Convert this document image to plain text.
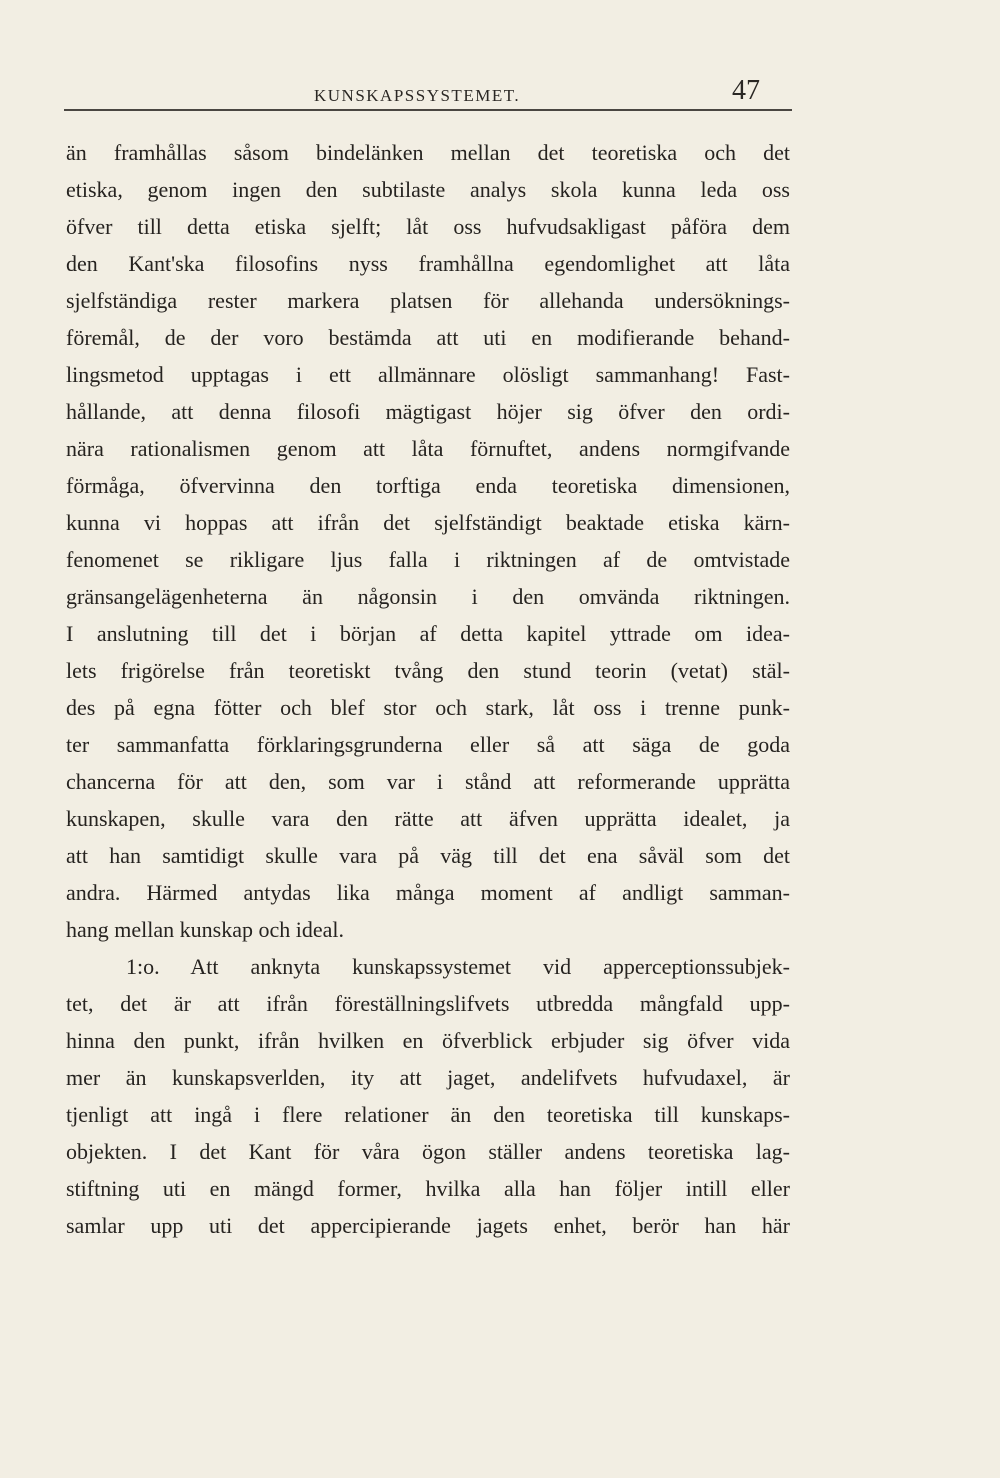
KUNSKAPSSYSTEMET.	47
än framhållas såsom bindelänken mellan det teoretiska och det
etiska, genom ingen den subtilaste analys skola kunna leda oss
öfver till detta etiska sjelft; låt oss hufvudsakligast påföra dem
den Kant'ska filosofins nyss framhållna egendomlighet att låta
sjelfständiga rester markera platsen för allehanda undersöknings-
föremål, de der voro bestämda att uti en modifierande behand-
lingsmetod upptagas i ett allmännare olösligt sammanhang! Fast-
hållande, att denna filosofi mägtigast höjer sig öfver den ordi-
nära rationalismen genom att låta förnuftet, andens normgifvande
förmåga, öfvervinna den torftiga enda teoretiska dimensionen,
kunna vi hoppas att ifrån det sjelfständigt beaktade etiska kärn-
fenomenet se rikligare ljus falla i riktningen af de omtvistade
gränsangelägenheterna än någonsin i den omvända riktningen.
I anslutning till det i början af detta kapitel yttrade om idea-
lets frigörelse från teoretiskt tvång den stund teorin (vetat) stäl-
des på egna fötter och blef stor och stark, låt oss i trenne punk-
ter sammanfatta förklaringsgrunderna eller så att säga de goda
chancerna för att den, som var i stånd att reformerande upprätta
kunskapen, skulle vara den rätte att äfven upprätta idealet, ja
att han samtidigt skulle vara på väg till det ena såväl som det
andra. Härmed antydas lika många moment af andligt samman-
hang mellan kunskap och ideal.
1:o. Att anknyta kunskapssystemet vid apperceptionssubjek-
tet, det är att ifrån föreställningslifvets utbredda mångfald upp-
hinna den punkt, ifrån hvilken en öfverblick erbjuder sig öfver vida
mer än kunskapsverlden, ity att jaget, andelifvets hufvudaxel, är
tjenligt att ingå i flere relationer än den teoretiska till kunskaps-
objekten. I det Kant för våra ögon ställer andens teoretiska lag-
stiftning uti en mängd former, hvilka alla han följer intill eller
samlar upp uti det appercipierande jagets enhet, berör han här
